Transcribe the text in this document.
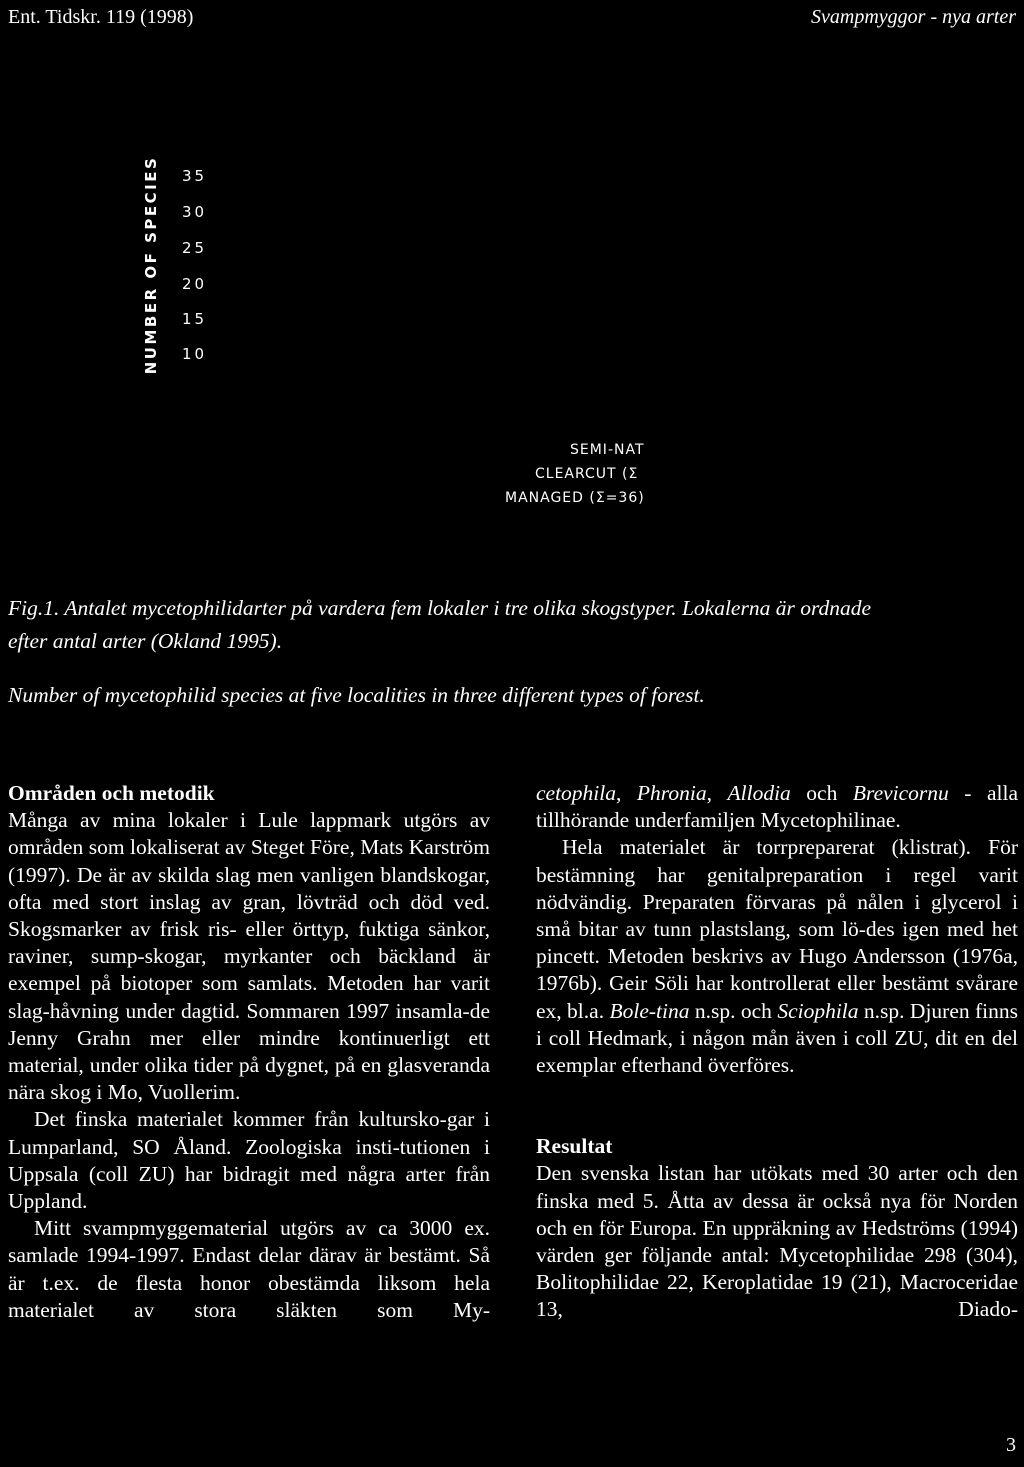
Ent. Tidskr. 119 (1998)	Svampmyggor - nya arter
NUMBER OF SPECIES 35
30
25
20
15
10
SEMI-NAT
CLEARCUT (Σ
MANAGED (Σ=36)
Fig.1. Antalet mycetophilidarter på vardera fem lokaler i tre olika skogstyper. Lokalerna är ordnade
efter antal arter (Okland 1995).
Number of mycetophilid species at five localities in three different types of forest.
Områden och metodik

Många av mina lokaler i Lule lappmark utgörs av områden som lokaliserat av Steget Före, Mats Karström (1997). De är av skilda slag men vanligen blandskogar, ofta med stort inslag av gran, lövträd och död ved. Skogsmarker av frisk ris- eller örttyp, fuktiga sänkor, raviner, sump-skogar, myrkanter och bäckland är exempel på biotoper som samlats. Metoden har varit slag-håvning under dagtid. Sommaren 1997 insamla-de Jenny Grahn mer eller mindre kontinuerligt ett material, under olika tider på dygnet, på en glasveranda nära skog i Mo, Vuollerim.

Det finska materialet kommer från kultursko-gar i Lumparland, SO Åland. Zoologiska insti-tutionen i Uppsala (coll ZU) har bidragit med några arter från Uppland.

Mitt svampmyggematerial utgörs av ca 3000 ex. samlade 1994-1997. Endast delar därav är bestämt. Så är t.ex. de flesta honor obestämda liksom hela materialet av stora släkten som My-

cetophila, Phronia, Allodia och Brevicornu - alla tillhörande underfamiljen Mycetophilinae.

Hela materialet är torrpreparerat (klistrat). För bestämning har genitalpreparation i regel varit nödvändig. Preparaten förvaras på nålen i glycerol i små bitar av tunn plastslang, som lö-des igen med het pincett. Metoden beskrivs av Hugo Andersson (1976a, 1976b). Geir Söli har kontrollerat eller bestämt svårare ex, bl.a. Bole-tina n.sp. och Sciophila n.sp. Djuren finns i coll Hedmark, i någon mån även i coll ZU, dit en del exemplar efterhand överföres.

Resultat

Den svenska listan har utökats med 30 arter och den finska med 5. Åtta av dessa är också nya för Norden och en för Europa. En uppräkning av Hedströms (1994) värden ger följande antal: Mycetophilidae 298 (304), Bolitophilidae 22, Keroplatidae 19 (21), Macroceridae 13, Diado-

3
